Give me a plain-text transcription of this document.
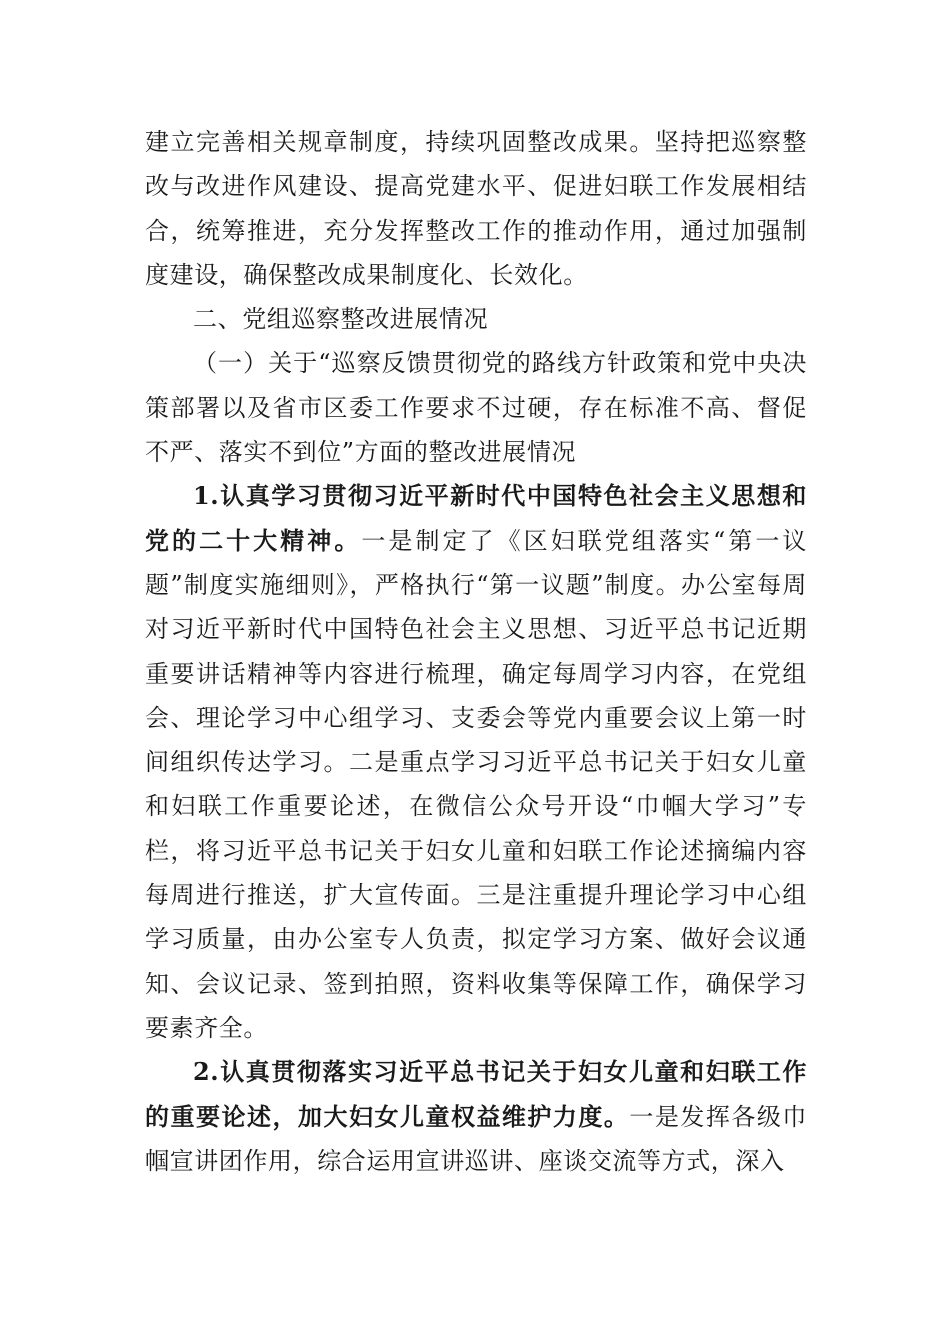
建立完善相关规章制度，持续巩固整改成果。坚持把巡察整改与改进作风建设、提高党建水平、促进妇联工作发展相结合，统筹推进，充分发挥整改工作的推动作用，通过加强制度建设，确保整改成果制度化、长效化。

二、党组巡察整改进展情况

（一）关于“巡察反馈贯彻党的路线方针政策和党中央决策部署以及省市区委工作要求不过硬，存在标准不高、督促不严、落实不到位”方面的整改进展情况

1.认真学习贯彻习近平新时代中国特色社会主义思想和党的二十大精神。一是制定了《区妇联党组落实“第一议题”制度实施细则》，严格执行“第一议题”制度。办公室每周对习近平新时代中国特色社会主义思想、习近平总书记近期重要讲话精神等内容进行梳理，确定每周学习内容，在党组会、理论学习中心组学习、支委会等党内重要会议上第一时间组织传达学习。二是重点学习习近平总书记关于妇女儿童和妇联工作重要论述，在微信公众号开设“巾帼大学习”专栏，将习近平总书记关于妇女儿童和妇联工作论述摘编内容每周进行推送，扩大宣传面。三是注重提升理论学习中心组学习质量，由办公室专人负责，拟定学习方案、做好会议通知、会议记录、签到拍照，资料收集等保障工作，确保学习要素齐全。

2.认真贯彻落实习近平总书记关于妇女儿童和妇联工作的重要论述，加大妇女儿童权益维护力度。一是发挥各级巾帼宣讲团作用，综合运用宣讲巡讲、座谈交流等方式，深入
